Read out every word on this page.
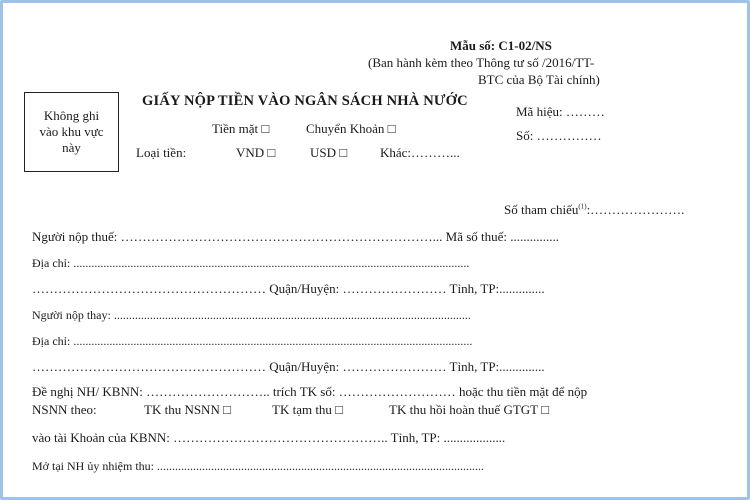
Mẫu số: C1-02/NS
(Ban hành kèm theo Thông tư số /2016/TT-
BTC của Bộ Tài chính)
Không ghi
vào khu vực
này
GIẤY NỘP TIỀN VÀO NGÂN SÁCH NHÀ NƯỚC
Mã hiệu: ………
Số: ……………
Tiền mặt □	Chuyển Khoản □
Loại tiền:	VND □	USD □	Khác:………...
Số tham chiếu$^{(1)}$:………………….
Người nộp thuế: ………………………………………………………………... Mã số thuế: ...............
Địa chỉ: ....................................................................................................................................
……………………………………………… Quận/Huyện: …………………… Tỉnh, TP:..............
Người nộp thay: .......................................................................................................................
Địa chỉ: .....................................................................................................................................
……………………………………………… Quận/Huyện: …………………… Tỉnh, TP:..............
Đề nghị NH/ KBNN: ……………………….. trích TK số: ……………………… hoặc thu tiền mặt để nộp
NSNN theo:	TK thu NSNN □	TK tạm thu □	TK thu hồi hoàn thuế GTGT □
vào tài Khoản của KBNN: ………………………………………….. Tỉnh, TP: ...................
Mở tại NH ủy nhiệm thu: .............................................................................................................
